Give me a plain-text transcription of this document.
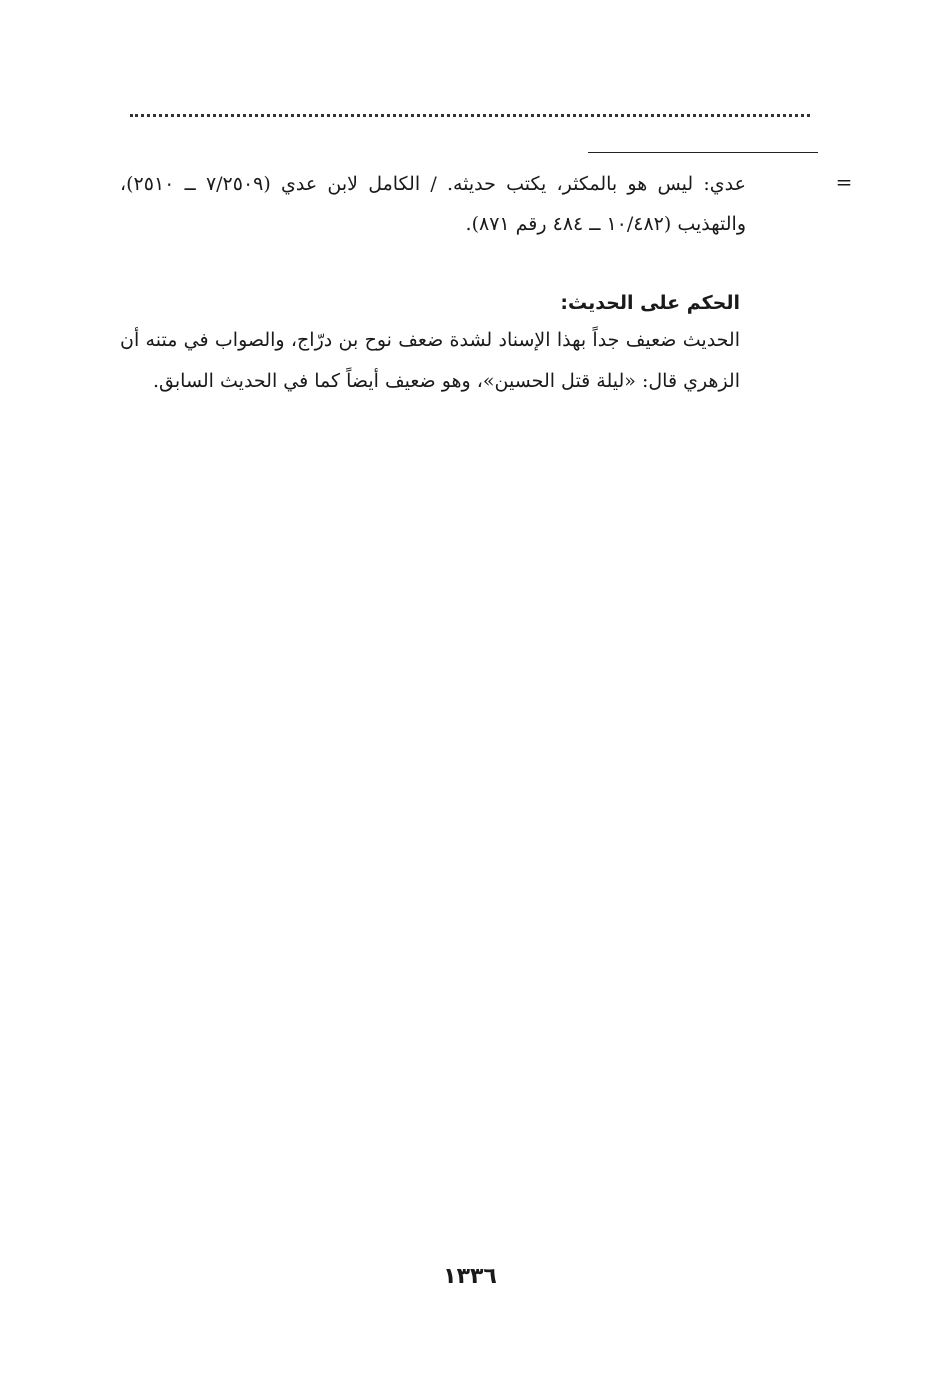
=

عدي: ليس هو بالمكثر، يكتب حديثه. / الكامل لابن عدي (٧/٢٥٠٩ ــ ٢٥١٠)، والتهذيب (١٠/٤٨٢ ــ ٤٨٤ رقم ٨٧١).

الحكم على الحديث:

الحديث ضعيف جداً بهذا الإسناد لشدة ضعف نوح بن درّاج، والصواب في متنه أن الزهري قال: «ليلة قتل الحسين»، وهو ضعيف أيضاً كما في الحديث السابق.

١٣٣٦
